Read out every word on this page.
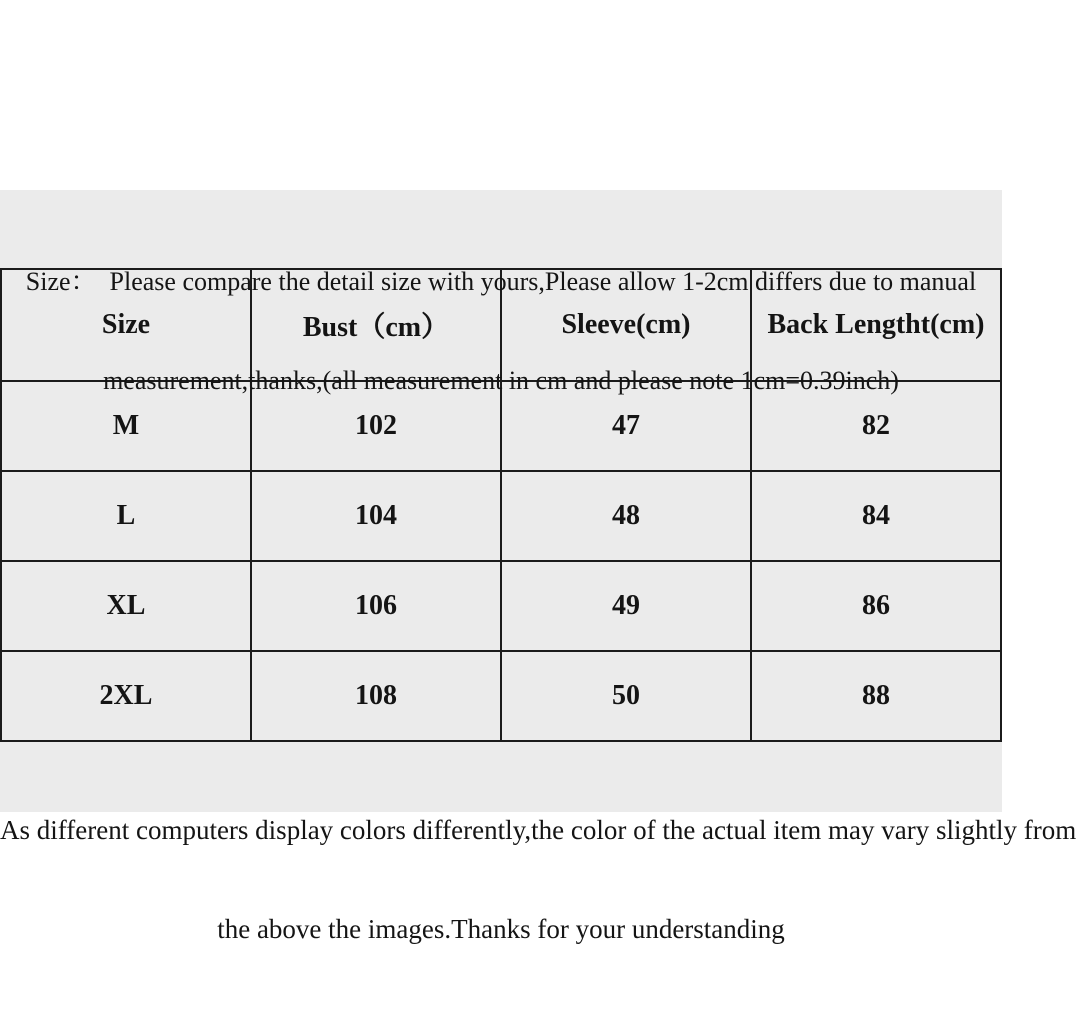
Size：  Please compare the detail size with yours,Please allow 1-2cm differs due to manual

measurement,thanks,(all measurement in cm and please note 1cm=0.39inch)

Size	Bust（cm）	Sleeve(cm)	Back Lengtht(cm)
M	102	47	82
L	104	48	84
XL	106	49	86
2XL	108	50	88

As different computers display colors differently,the color of the actual item may vary slightly from

the above the images.Thanks for your understanding
